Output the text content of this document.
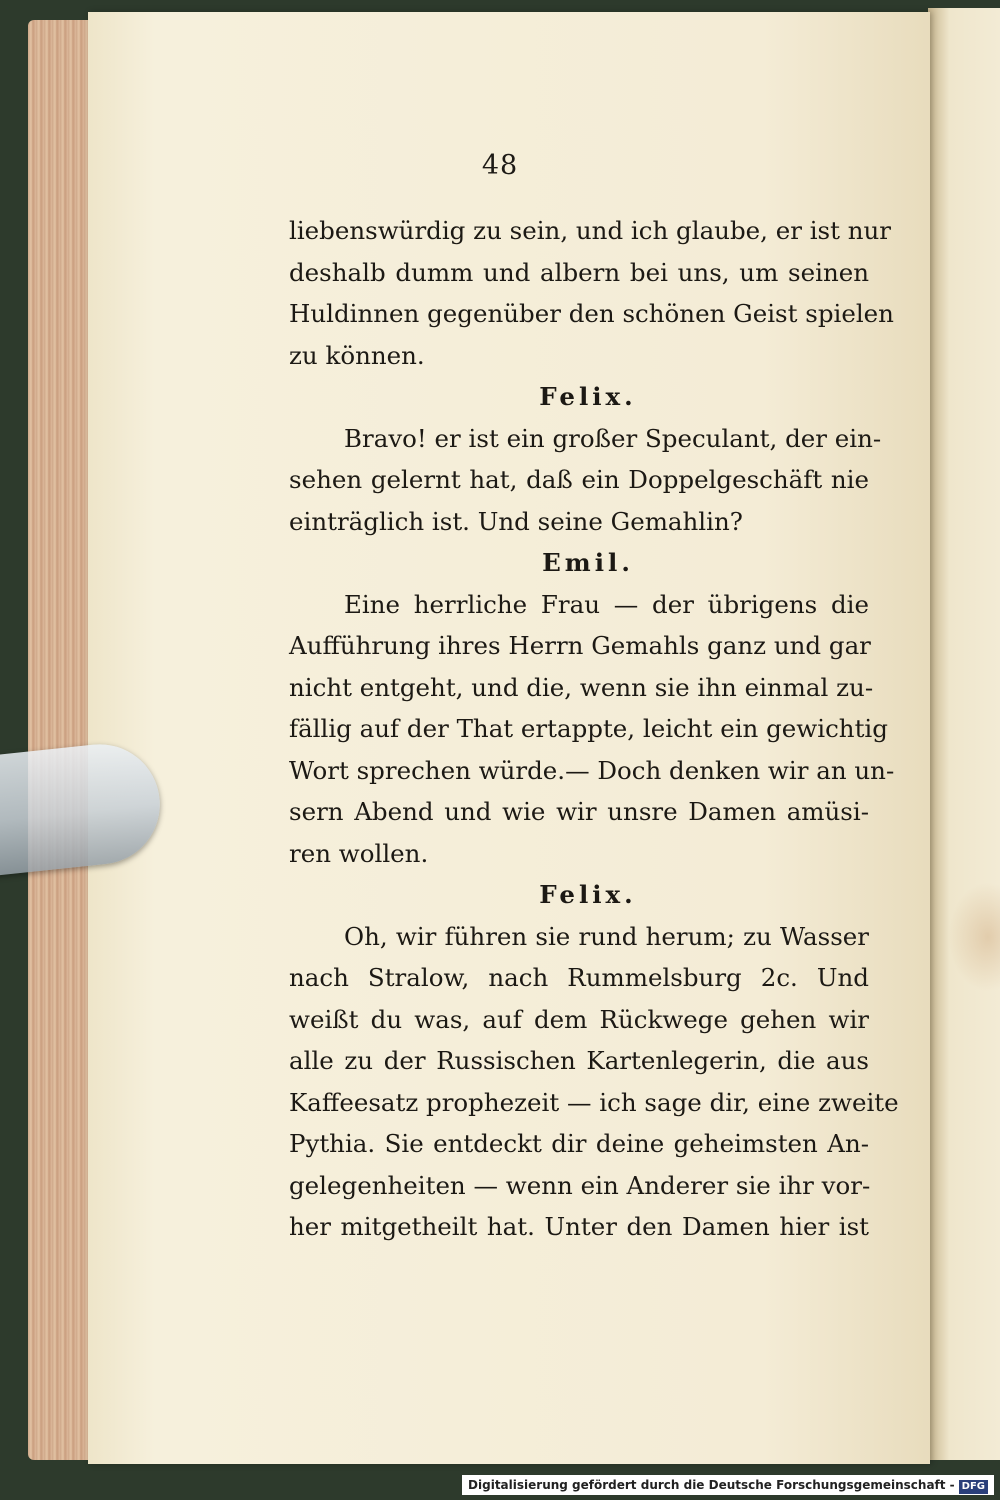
48
liebenswürdig zu sein, und ich glaube, er ist nur
deshalb dumm und albern bei uns, um seinen
Huldinnen gegenüber den schönen Geist spielen
zu können.
Felix.
Bravo! er ist ein großer Speculant, der ein-
sehen gelernt hat, daß ein Doppelgeschäft nie
einträglich ist. Und seine Gemahlin?
Emil.
Eine herrliche Frau — der übrigens die
Aufführung ihres Herrn Gemahls ganz und gar
nicht entgeht, und die, wenn sie ihn einmal zu-
fällig auf der That ertappte, leicht ein gewichtig
Wort sprechen würde.— Doch denken wir an un-
sern Abend und wie wir unsre Damen amüsi-
ren wollen.
Felix.
Oh, wir führen sie rund herum; zu Wasser
nach Stralow, nach Rummelsburg 2c. Und
weißt du was, auf dem Rückwege gehen wir
alle zu der Russischen Kartenlegerin, die aus
Kaffeesatz prophezeit — ich sage dir, eine zweite
Pythia. Sie entdeckt dir deine geheimsten An-
gelegenheiten — wenn ein Anderer sie ihr vor-
her mitgetheilt hat. Unter den Damen hier ist
Digitalisierung gefördert durch die Deutsche Forschungsgemeinschaft - DFG
